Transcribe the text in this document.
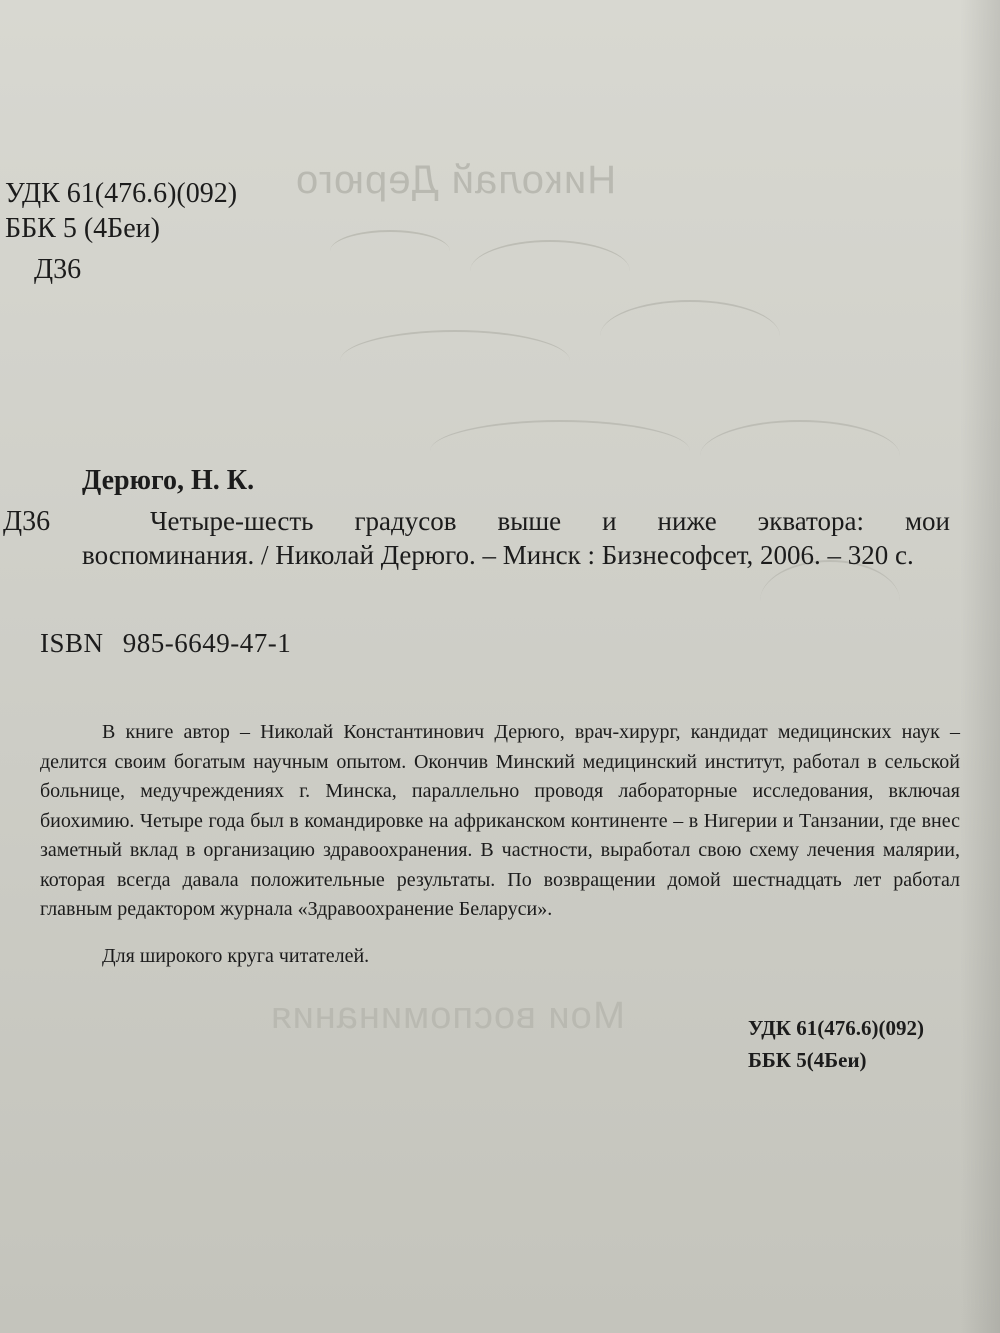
Николай Дерюго
Мои воспоминания
УДК 61(476.6)(092)
ББК 5 (4Беи)
Д36
Дерюго, Н. К.
Д36	Четыре-шесть градусов выше и ниже экватора: мои
воспоминания. / Николай Дерюго. – Минск : Бизнесофсет, 2006. – 320 с.
ISBN 985-6649-47-1
В книге автор – Николай Константинович Дерюго, врач-хирург, кандидат медицинских наук – делится своим богатым научным опытом. Окончив Минский медицинский институт, работал в сельской больнице, медучреждениях г. Минска, параллельно проводя лабораторные исследования, включая биохимию. Четыре года был в командировке на африканском континенте – в Нигерии и Танзании, где внес заметный вклад в организацию здравоохранения. В частности, выработал свою схему лечения малярии, которая всегда давала положительные результаты. По возвращении домой шестнадцать лет работал главным редактором журнала «Здравоохранение Беларуси».
Для широкого круга читателей.
УДК 61(476.6)(092)
ББК 5(4Беи)
